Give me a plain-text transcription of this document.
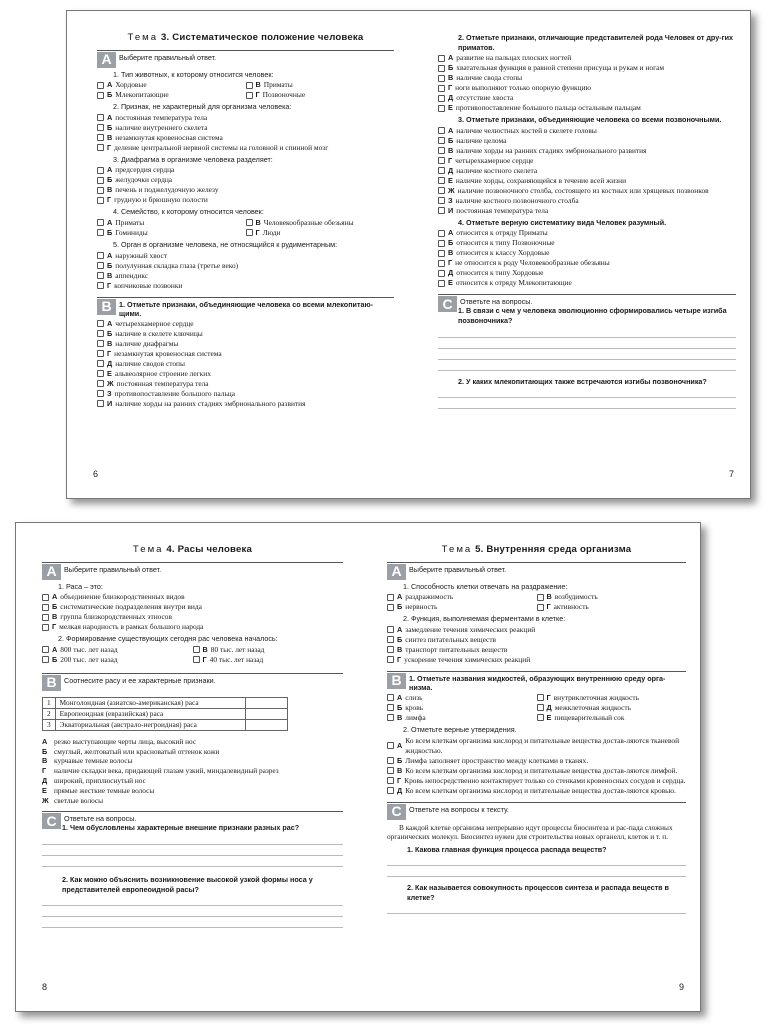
Тема 3. Систематическое положение человека
A	Выберите правильный ответ.
1. Тип животных, к которому относится человек:
А Хордовые	В Приматы
Б Млекопитающие	Г Позвоночные
2. Признак, не характерный для организма человека:
А постоянная температура тела
Б наличие внутреннего скелета
В незамкнутая кровеносная система
Г деление центральной нервной системы на головной и спинной мозг
3. Диафрагма в организме человека разделяет:
А предсердия сердца
Б желудочки сердца
В печень и поджелудочную железу
Г грудную и брюшную полости
4. Семейство, к которому относится человек:
А Приматы	В Человекообразные обезьяны
Б Гоминиды	Г Люди
5. Орган в организме человека, не относящийся к рудиментарным:
А наружный хвост
Б полулунная складка глаза (третье веко)
В аппендикс
Г копчиковые позвонки
B	1. Отметьте признаки, объединяющие человека со всеми млекопитаю-щими.
А четырехкамерное сердце
Б наличие в скелете ключицы
В наличие диафрагмы
Г незамкнутая кровеносная система
Д наличие сводов стопы
Е альвеолярное строение легких
Ж постоянная температура тела
З противопоставление большого пальца
И наличие хорды на ранних стадиях эмбрионального развития
6
2. Отметьте признаки, отличающие представителей рода Человек от дру-гих приматов.
А развитие на пальцах плоских ногтей
Б хватательная функция в равной степени присуща и рукам и ногам
В наличие свода стопы
Г ноги выполняют только опорную функцию
Д отсутствие хвоста
Е противопоставление большого пальца остальным пальцам
3. Отметьте признаки, объединяющие человека со всеми позвоночными.
А наличие челюстных костей в скелете головы
Б наличие целома
В наличие хорды на ранних стадиях эмбрионального развития
Г четырехкамерное сердце
Д наличие костного скелета
Е наличие хорды, сохраняющейся в течение всей жизни
Ж наличие позвоночного столба, состоящего из костных или хрящевых позвонков
З наличие костного позвоночного столба
И постоянная температура тела
4. Отметьте верную систематику вида Человек разумный.
А относится к отряду Приматы
Б относится к типу Позвоночные
В относится к классу Хордовые
Г не относится к роду Человекообразные обезьяны
Д относится к типу Хордовые
Е относится к отряду Млекопитающие
C	Ответьте на вопросы.
1. В связи с чем у человека эволюционно сформировались четыре изгиба позвоночника?
2. У каких млекопитающих также встречаются изгибы позвоночника?
7
Тема 4. Расы человека
A	Выберите правильный ответ.
1. Раса – это:
А объединение близкородственных видов
Б систематические подразделения внутри вида
В группа близкородственных этносов
Г мелкая народность в рамках большого народа
2. Формирование существующих сегодня рас человека началось:
А 800 тыс. лет назад	В 80 тыс. лет назад
Б 200 тыс. лет назад	Г 40 тыс. лет назад
B	Соотнесите расу и ее характерные признаки.
1	Монголоидная (азиатско-американская) раса	
2	Европеоидная (евразийская) раса	
3	Экваториальная (австрало-негроидная) раса	
А резко выступающие черты лица, высокий нос
Б смуглый, желтоватый или красноватый оттенок кожи
В курчавые темные волосы
Г наличие складки века, придающей глазам узкий, миндалевидный разрез
Д широкий, приплюснутый нос
Е прямые жесткие темные волосы
Ж светлые волосы
C	Ответьте на вопросы.
1. Чем обусловлены характерные внешние признаки разных рас?
2. Как можно объяснить возникновение высокой узкой формы носа у представителей европеоидной расы?
8
Тема 5. Внутренняя среда организма
A	Выберите правильный ответ.
1. Способность клетки отвечать на раздражение:
А раздражимость	В возбудимость
Б нервность	Г активность
2. Функция, выполняемая ферментами в клетке:
А замедление течения химических реакций
Б синтез питательных веществ
В транспорт питательных веществ
Г ускорение течения химических реакций
B	1. Отметьте названия жидкостей, образующих внутреннюю среду орга-низма.
А слизь	Г внутриклеточная жидкость
Б кровь	Д межклеточная жидкость
В лимфа	Е пищеварительный сок
2. Отметьте верные утверждения.
А
Ко всем клеткам организма кислород и питательные вещества достав-ляются тканевой жидкостью.
Б Лимфа заполняет пространство между клетками в тканях.
В Ко всем клеткам организма кислород и питательные вещества достав-ляются лимфой.
Г Кровь непосредственно контактирует только со стенками кровеносных сосудов и сердца.
Д Ко всем клеткам организма кислород и питательные вещества достав-ляются кровью.
C	Ответьте на вопросы к тексту.
В каждой клетке организма непрерывно идут процессы биосинтеза и рас-пада сложных органических молекул. Биосинтез нужен для строительства новых органелл, клеток и т. п.
1. Какова главная функция процесса распада веществ?
2. Как называется совокупность процессов синтеза и распада веществ в клетке?
9
